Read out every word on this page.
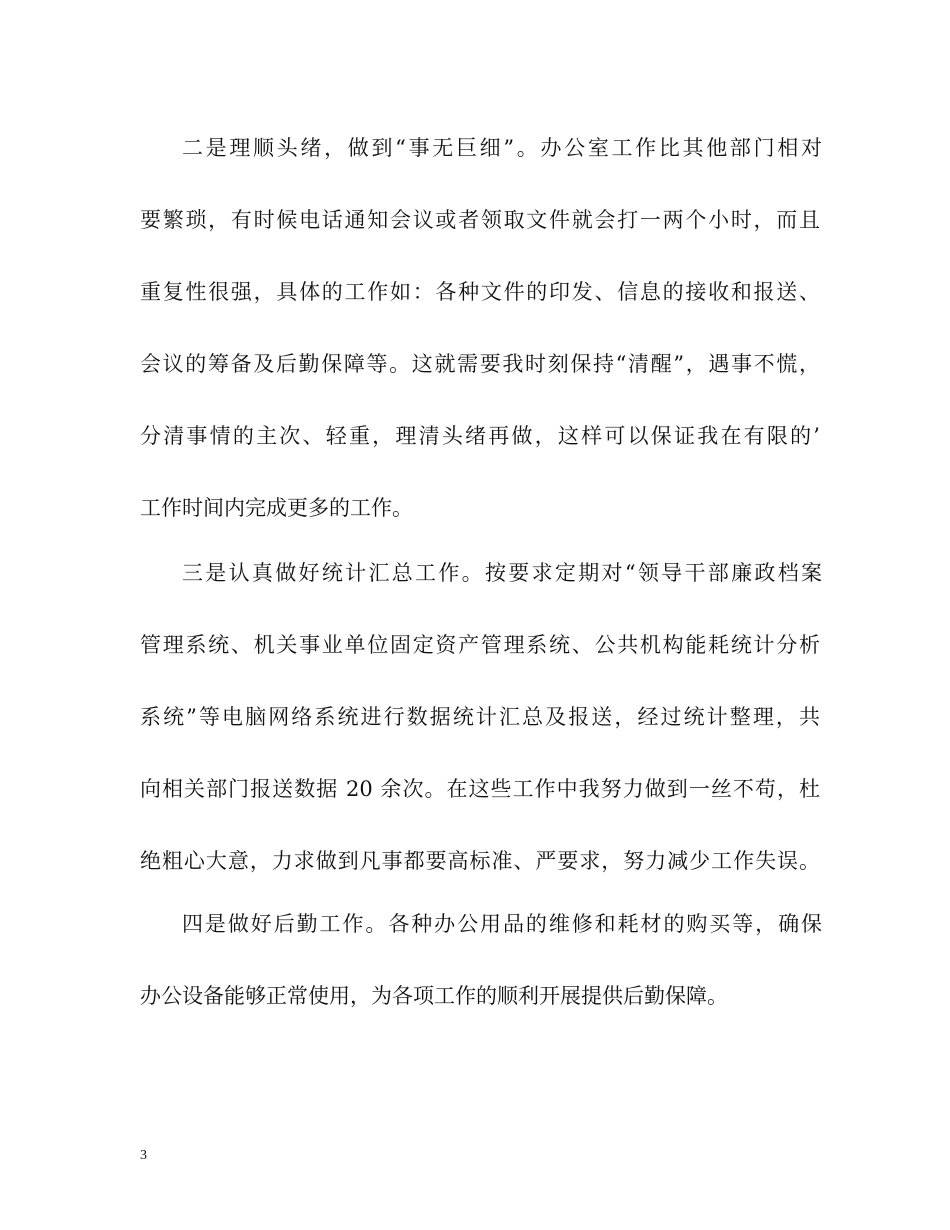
二是理顺头绪，做到“事无巨细”。办公室工作比其他部门相对
要繁琐，有时候电话通知会议或者领取文件就会打一两个小时，而且
重复性很强，具体的工作如：各种文件的印发、信息的接收和报送、
会议的筹备及后勤保障等。这就需要我时刻保持“清醒”，遇事不慌，
分清事情的主次、轻重，理清头绪再做，这样可以保证我在有限的’
工作时间内完成更多的工作。
三是认真做好统计汇总工作。按要求定期对“领导干部廉政档案
管理系统、机关事业单位固定资产管理系统、公共机构能耗统计分析
系统”等电脑网络系统进行数据统计汇总及报送，经过统计整理，共
向相关部门报送数据 20 余次。在这些工作中我努力做到一丝不苟，杜
绝粗心大意，力求做到凡事都要高标准、严要求，努力减少工作失误。
四是做好后勤工作。各种办公用品的维修和耗材的购买等，确保
办公设备能够正常使用，为各项工作的顺利开展提供后勤保障。
3
